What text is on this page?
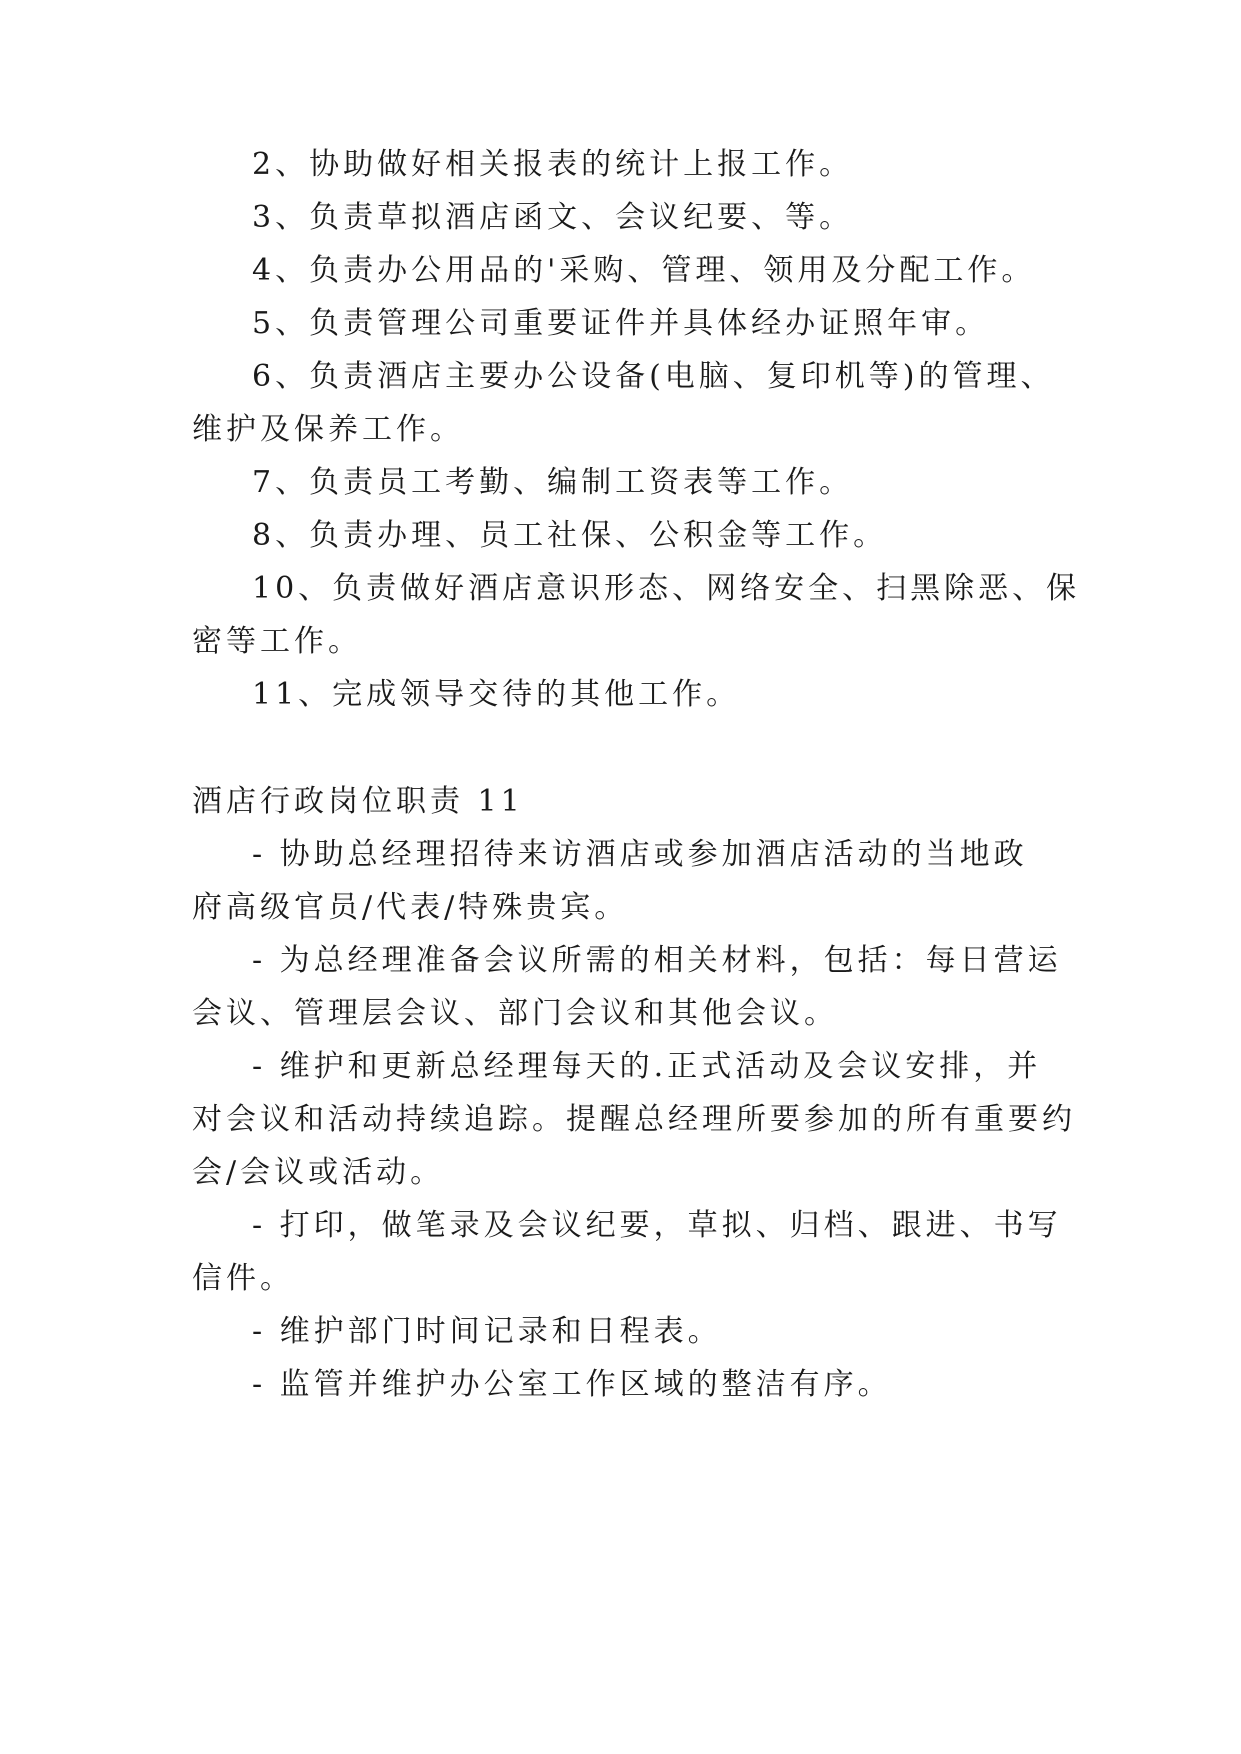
2、协助做好相关报表的统计上报工作。
3、负责草拟酒店函文、会议纪要、等。
4、负责办公用品的'采购、管理、领用及分配工作。
5、负责管理公司重要证件并具体经办证照年审。
6、负责酒店主要办公设备(电脑、复印机等)的管理、
维护及保养工作。
7、负责员工考勤、编制工资表等工作。
8、负责办理、员工社保、公积金等工作。
10、负责做好酒店意识形态、网络安全、扫黑除恶、保
密等工作。
11、完成领导交待的其他工作。
酒店行政岗位职责 11
- 协助总经理招待来访酒店或参加酒店活动的当地政
府高级官员/代表/特殊贵宾。
- 为总经理准备会议所需的相关材料，包括：每日营运
会议、管理层会议、部门会议和其他会议。
- 维护和更新总经理每天的.正式活动及会议安排，并
对会议和活动持续追踪。提醒总经理所要参加的所有重要约
会/会议或活动。
- 打印，做笔录及会议纪要，草拟、归档、跟进、书写
信件。
- 维护部门时间记录和日程表。
- 监管并维护办公室工作区域的整洁有序。
